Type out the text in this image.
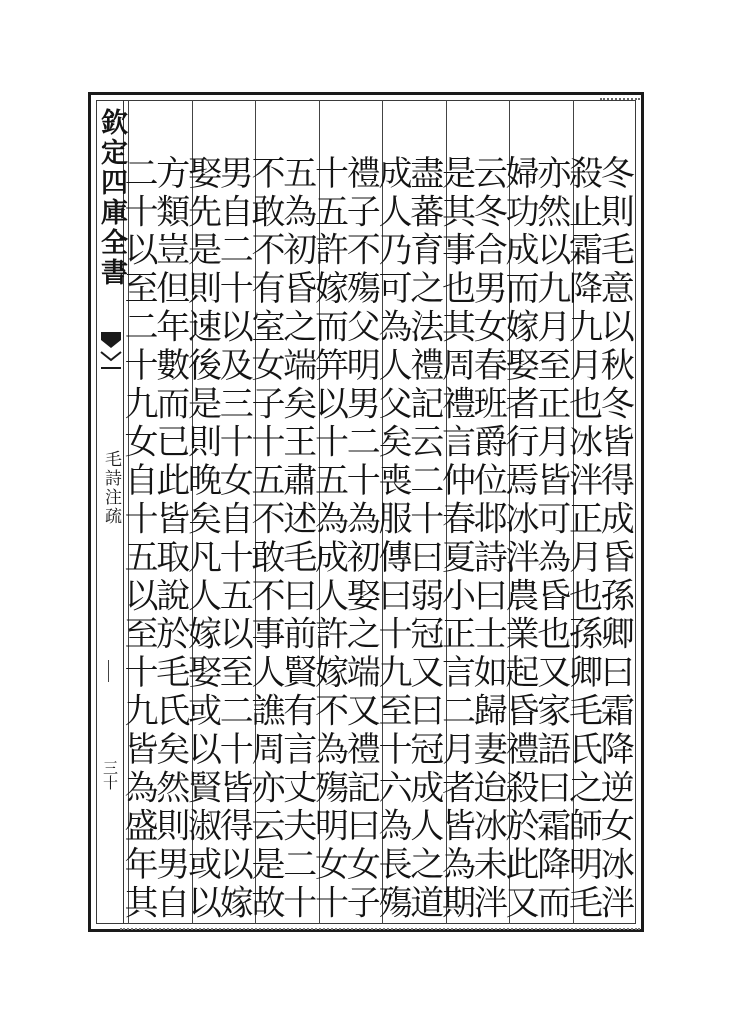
欽定四庫全書
毛詩注疏
三十	冬則毛意以秋冬皆得成昏孫卿曰霜降逆女冰泮
殺止霜降九月也冰泮正月也孫卿毛氏之師明毛
亦然以九月至正月皆可為昏也又家語曰霜降而
婦功成而嫁娶者行焉冰泮農業起昏禮殺於此又
云冬合男女春班爵位邶詩曰士如歸妻迨冰未泮
是其事也其周禮言仲春夏小正言二月者皆為期
盡蕃育之法禮記云二十曰弱冠又曰冠成人之道
成人乃可為人父矣喪服傳曰十九至十六為長殤
禮子不殤父明男二十為初娶之端又禮記曰女子
十五許嫁而笄以十五為成人許嫁不為殤明女十
五為初昏之端矣王肅述毛曰前賢有言丈夫二十
不敢不有室女子十五不敢不事人譙周亦云是故
男自二十以及三十女自十五以至二十皆得以嫁
娶先是則速後是則晚矣凡人嫁娶或以賢淑或以
方類豈但年數而已此皆取說於毛氏矣然則男自
二十以至二十九女自十五以至十九皆為盛年其
